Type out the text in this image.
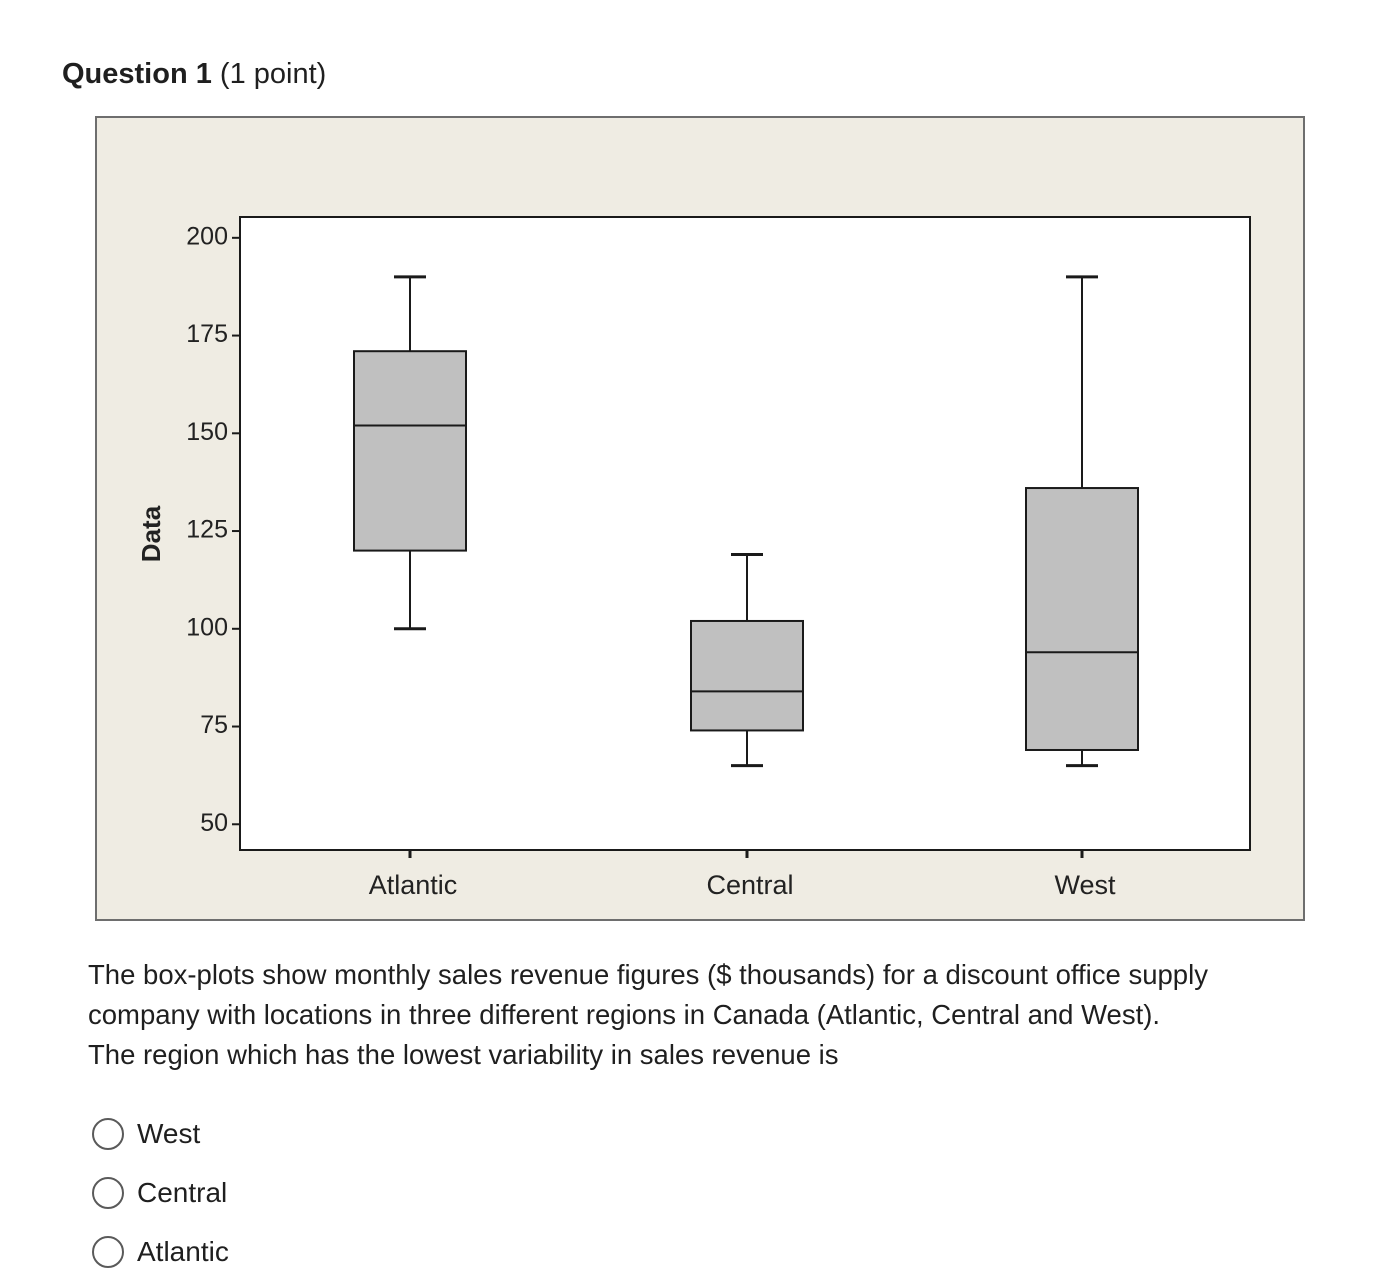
Question 1 (1 point)
Data
50
75
100
125
150
175
200
Atlantic	Central	West
The box-plots show monthly sales revenue figures ($ thousands) for a discount office supply company with locations in three different regions in Canada (Atlantic, Central and West). The region which has the lowest variability in sales revenue is
West
Central
Atlantic
